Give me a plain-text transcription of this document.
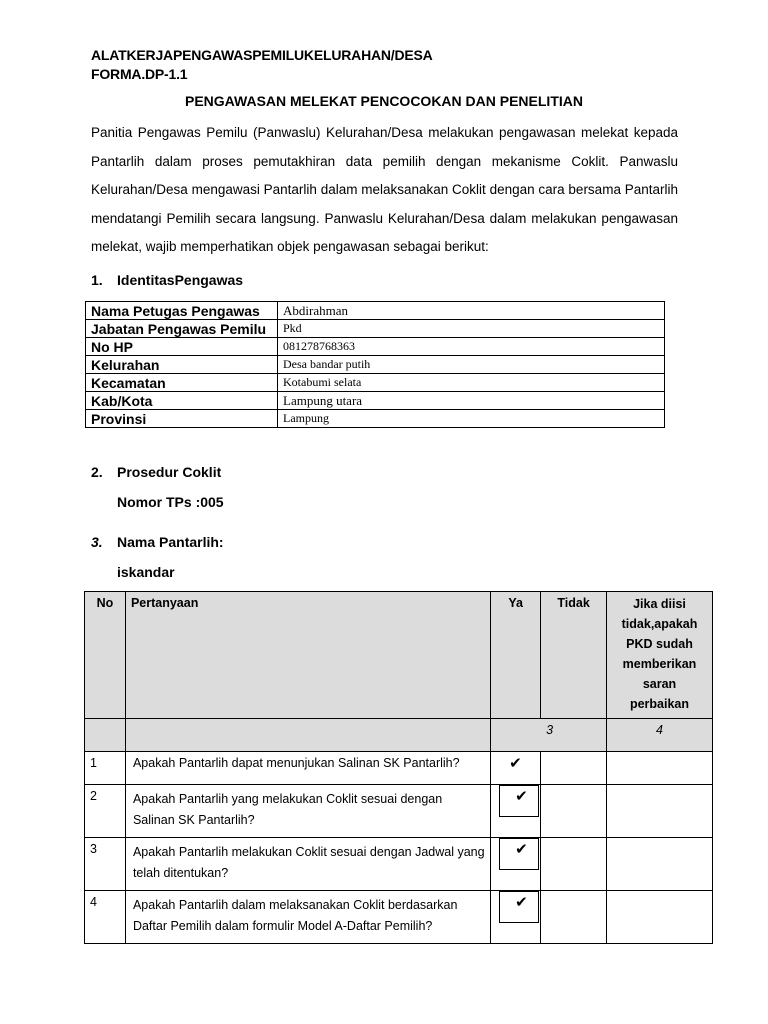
ALATKERJAPENGAWASPEMILUKELURAHAN/DESA
FORMA.DP-1.1
PENGAWASAN MELEKAT PENCOCOKAN DAN PENELITIAN
Panitia Pengawas Pemilu (Panwaslu) Kelurahan/Desa melakukan pengawasan melekat kepada Pantarlih dalam proses pemutakhiran data pemilih dengan mekanisme Coklit. Panwaslu Kelurahan/Desa mengawasi Pantarlih dalam melaksanakan Coklit dengan cara bersama Pantarlih mendatangi Pemilih secara langsung. Panwaslu Kelurahan/Desa dalam melakukan pengawasan melekat, wajib memperhatikan objek pengawasan sebagai berikut:
1. IdentitasPengawas
Nama Petugas Pengawas	Abdirahman
Jabatan Pengawas Pemilu	Pkd
No HP	081278768363
Kelurahan	Desa bandar putih
Kecamatan	Kotabumi selata
Kab/Kota	Lampung utara
Provinsi	Lampung
2. Prosedur Coklit
Nomor TPs :005
3. Nama Pantarlih:
iskandar
No	Pertanyaan	Ya	Tidak	Jika diisi tidak,apakah PKD sudah memberikan saran perbaikan
		3		4
1	Apakah Pantarlih dapat menunjukan Salinan SK Pantarlih?	✔		
2	Apakah Pantarlih yang melakukan Coklit sesuai dengan Salinan SK Pantarlih?	✔		

3	Apakah Pantarlih melakukan Coklit sesuai dengan Jadwal yang telah ditentukan?	✔		

4	Apakah Pantarlih dalam melaksanakan Coklit berdasarkan Daftar Pemilih dalam formulir Model A-Daftar Pemilih?	✔		
